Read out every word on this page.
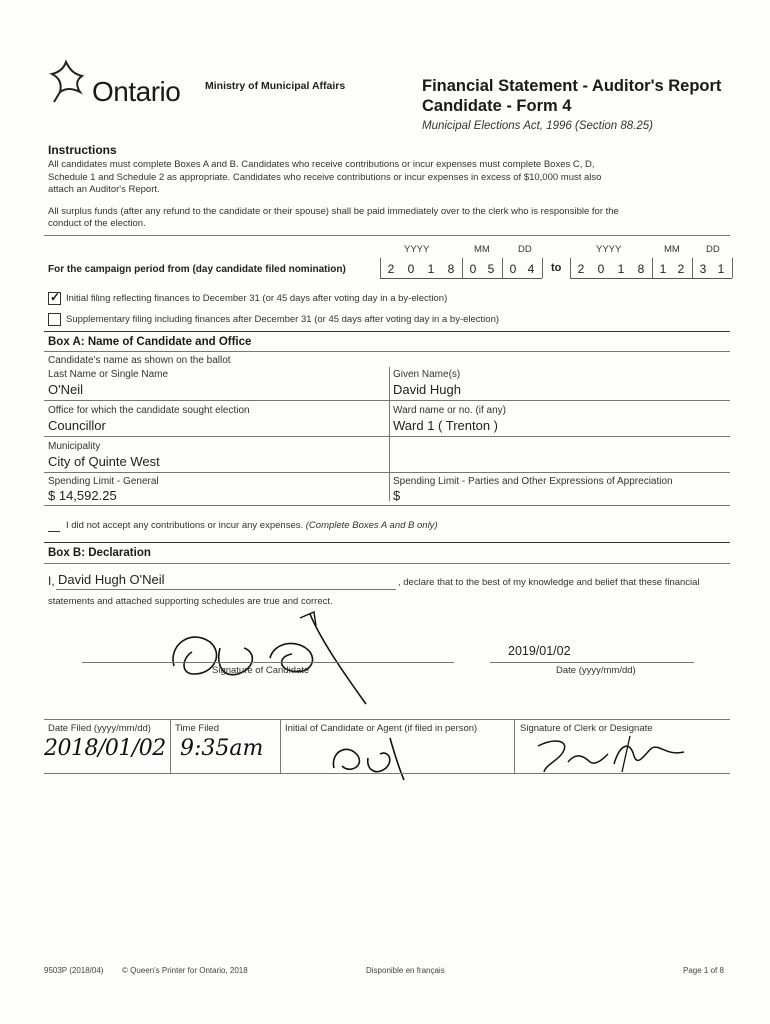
Ontario Ministry of Municipal Affairs	Financial Statement - Auditor's Report
Candidate - Form 4
Municipal Elections Act, 1996 (Section 88.25)
Instructions
All candidates must complete Boxes A and B. Candidates who receive contributions or incur expenses must complete Boxes C, D,
Schedule 1 and Schedule 2 as appropriate. Candidates who receive contributions or incur expenses in excess of $10,000 must also
attach an Auditor's Report.
All surplus funds (after any refund to the candidate or their spouse) shall be paid immediately over to the clerk who is responsible for the
conduct of the election.
YYYY	MM	DD	YYYY	MM	DD
For the campaign period from (day candidate filed nomination)	2	0	1	8	0 5	0 4	to	2	0	1	8	1 2	3 1
✓ Initial filing reflecting finances to December 31 (or 45 days after voting day in a by-election)
Supplementary filing including finances after December 31 (or 45 days after voting day in a by-election)
Box A: Name of Candidate and Office
Candidate's name as shown on the ballot
Last Name or Single Name
O'Neil
Given Name(s)
David Hugh
Office for which the candidate sought election
Councillor
Ward name or no. (if any)
Ward 1 ( Trenton )
Municipality
City of Quinte West
Spending Limit - General
$ 14,592.25
Spending Limit - Parties and Other Expressions of Appreciation
$
I did not accept any contributions or incur any expenses. (Complete Boxes A and B only)
Box B: Declaration
I, David Hugh O'Neil	, declare that to the best of my knowledge and belief that these financial
statements and attached supporting schedules are true and correct.
Signature of Candidate
2019/01/02
Date (yyyy/mm/dd)
Date Filed (yyyy/mm/dd)
2018/01/02
Time Filed
9:35am
Initial of Candidate or Agent (if filed in person)	Signature of Clerk or Designate
9503P (2018/04) © Queen's Printer for Ontario, 2018	Disponible en français	Page 1 of 8
